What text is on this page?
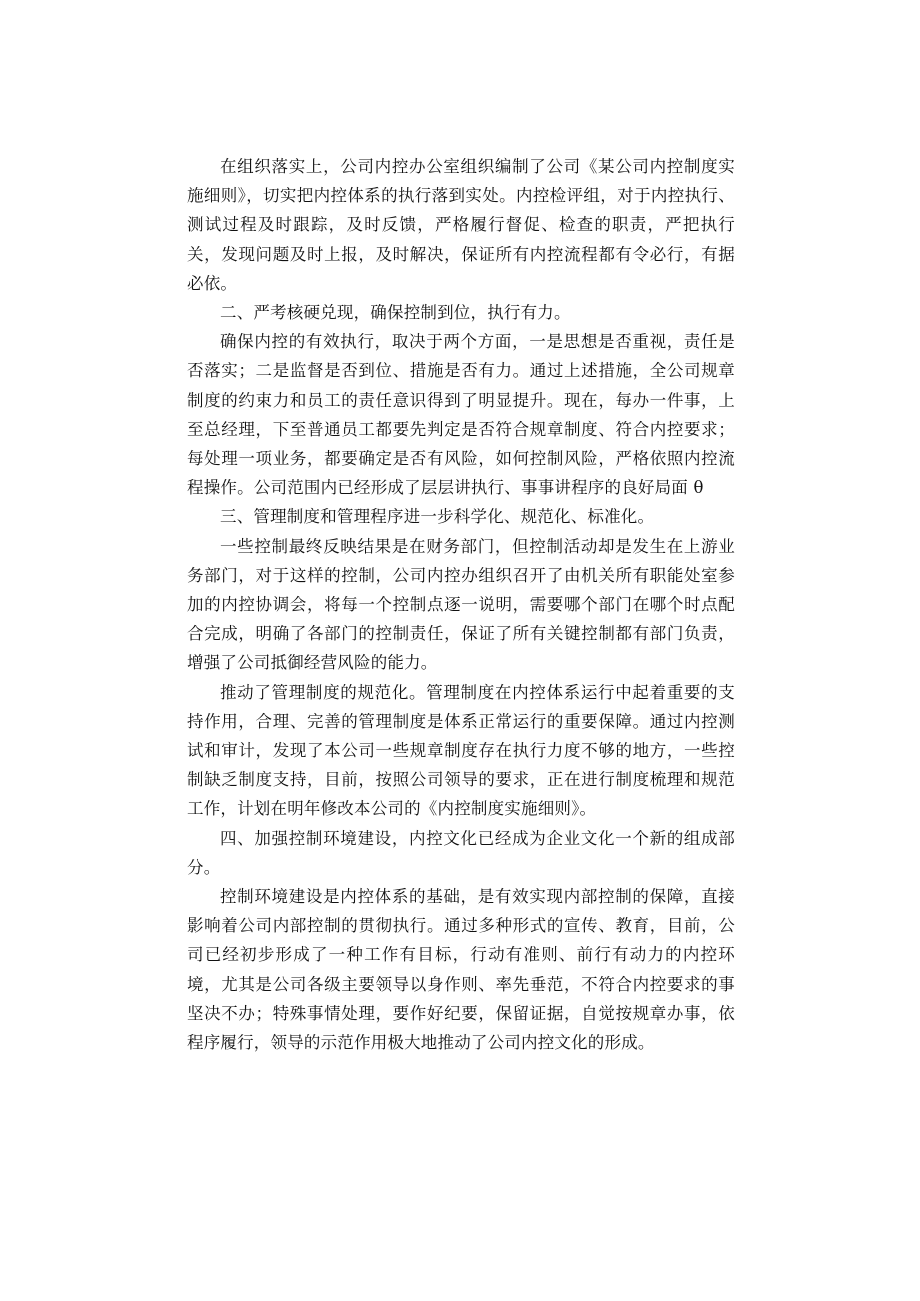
在组织落实上，公司内控办公室组织编制了公司《某公司内控制度实施细则》，切实把内控体系的执行落到实处。内控检评组，对于内控执行、测试过程及时跟踪，及时反馈，严格履行督促、检查的职责，严把执行关，发现问题及时上报，及时解决，保证所有内控流程都有令必行，有据必依。

二、严考核硬兑现，确保控制到位，执行有力。

确保内控的有效执行，取决于两个方面，一是思想是否重视，责任是否落实；二是监督是否到位、措施是否有力。通过上述措施，全公司规章制度的约束力和员工的责任意识得到了明显提升。现在，每办一件事，上至总经理，下至普通员工都要先判定是否符合规章制度、符合内控要求；每处理一项业务，都要确定是否有风险，如何控制风险，严格依照内控流程操作。公司范围内已经形成了层层讲执行、事事讲程序的良好局面 θ

三、管理制度和管理程序进一步科学化、规范化、标准化。

一些控制最终反映结果是在财务部门，但控制活动却是发生在上游业务部门，对于这样的控制，公司内控办组织召开了由机关所有职能处室参加的内控协调会，将每一个控制点逐一说明，需要哪个部门在哪个时点配合完成，明确了各部门的控制责任，保证了所有关键控制都有部门负责，增强了公司抵御经营风险的能力。

推动了管理制度的规范化。管理制度在内控体系运行中起着重要的支持作用，合理、完善的管理制度是体系正常运行的重要保障。通过内控测试和审计，发现了本公司一些规章制度存在执行力度不够的地方，一些控制缺乏制度支持，目前，按照公司领导的要求，正在进行制度梳理和规范工作，计划在明年修改本公司的《内控制度实施细则》。

四、加强控制环境建设，内控文化已经成为企业文化一个新的组成部分。

控制环境建设是内控体系的基础，是有效实现内部控制的保障，直接影响着公司内部控制的贯彻执行。通过多种形式的宣传、教育，目前，公司已经初步形成了一种工作有目标，行动有准则、前行有动力的内控环境，尤其是公司各级主要领导以身作则、率先垂范，不符合内控要求的事坚决不办；特殊事情处理，要作好纪要，保留证据，自觉按规章办事，依程序履行，领导的示范作用极大地推动了公司内控文化的形成。
